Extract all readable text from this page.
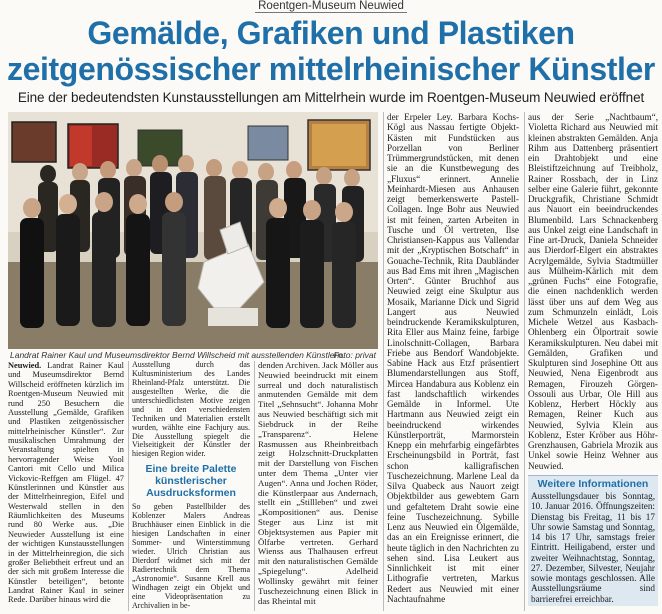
Roentgen-Museum Neuwied
Gemälde, Grafiken und Plastiken
zeitgenössischer mittelrheinischer Künstler
Eine der bedeutendsten Kunstausstellungen am Mittelrhein wurde im Roentgen-Museum Neuwied eröffnet
Landrat Rainer Kaul und Museumsdirektor Bernd Willscheid mit ausstellenden Künstlern.
Foto: privat

Neuwied. Landrat Rainer Kaul und Museumsdirektor Bernd Willscheid eröffneten kürzlich im Roentgen-Museum Neuwied mit rund 250 Besuchern die Ausstellung „Gemälde, Grafiken und Plastiken zeitgenössischer mittelrheinischer Künstler“. Zur musikalischen Umrahmung der Veranstaltung spielten in hervorragender Weise Yool Cantori mit Cello und Milica Vickovic-Reffgen am Flügel. 47 Künstlerinnen und Künstler aus der Mittelrheinregion, Eifel und Westerwald stellen in den Räumlichkeiten des Museums rund 80 Werke aus. „Die Neuwieder Ausstellung ist eine der wichtigen Kunstausstellungen in der Mittelrheinregion, die sich großer Beliebtheit erfreut und an der sich mit großem Interesse die Künstler beteiligen“, betonte Landrat Rainer Kaul in seiner Rede. Darüber hinaus wird die

Ausstellung durch das Kultusministerium des Landes Rheinland-Pfalz unterstützt. Die ausgestellten Werke, die die unterschiedlichsten Motive zeigen und in den verschiedensten Techniken und Materialien erstellt wurden, wählte eine Fachjury aus. Die Ausstellung spiegelt die Vielseitigkeit der Künstler der hiesigen Region wider.

Eine breite Palette künstlerischer Ausdrucksformen

So geben Pastellbilder des Koblenzer Malers Andreas Bruchhäuser einen Einblick in die hiesigen Landschaften in einer Sommer- und Winterstimmung wieder. Ulrich Christian aus Dierdorf widmet sich mit der Radiertechnik dem Thema „Astronomie“. Susanne Krell aus Windhagen zeigt ein Objekt und eine Videopräsentation zu Archivalien in be-

denden Archiven. Jack Möller aus Neuwied beeindruckt mit einem surreal und doch naturalistisch anmutenden Gemälde mit dem Titel „Sehnsucht“. Johanna Mohr aus Neuwied beschäftigt sich mit Siebdruck in der Reihe „Transparenz“. Helene Rasmussen aus Rheinbreitbach zeigt Holzschnitt-Druckplatten mit der Darstellung von Fischen unter dem Thema „Unter vier Augen“. Anna und Jochen Röder, die Künstlerpaar aus Andernach, stellt ein „Stillleben“ und zwei „Kompositionen“ aus. Denise Steger aus Linz ist mit Objektsystemen aus Papier mit Ölfarbe vertreten. Gerhard Wienss aus Thalhausen erfreut mit den naturalistischen Gemälde „Spiegelung“. Adelheid Wollinsky gewährt mit feiner Tuschezeichnung einen Blick in das Rheintal mit

der Erpeler Ley. Barbara Kochs-Kögl aus Nassau fertigte Objekt-Kästen mit Fundstücken aus Porzellan von Berliner Trümmergrundstücken, mit denen sie an die Kunstbewegung des „Fluxus“ erinnert. Annelie Meinhardt-Miesen aus Anhausen zeigt bemerkenswerte Pastell-Collagen. Inge Bohr aus Neuwied ist mit feinen, zarten Arbeiten in Tusche und Öl vertreten, Ilse Christiansen-Kappus aus Vallendar mit der „Kryptischen Botschaft“ in Gouache-Technik, Rita Daubländer aus Bad Ems mit ihren „Magischen Orten“. Günter Bruchhof aus Neuwied zeigt eine Skulptur aus Mosaik, Marianne Dick und Sigrid Langert aus Neuwied beindruckende Keramikskulpturen, Rita Eller aus Mainz feine, farbige Linolschnitt-Collagen, Barbara Friebe aus Bendorf Wandobjekte. Sabine Hack aus Etzf präsentiert Blumendarstellungen aus Stoff, Mircea Handabura aus Koblenz ein fast landschaftlich wirkendes Gemälde in Informel. Ute Hartmann aus Neuwied zeigt ein beeindruckend wirkendes Künstlerporträt, Marmorstein Knepp ein mehrfarbig eingefärbtes Erscheinungsbild in Porträt, fast schon kalligrafischen Tuschezeichnung. Marlene Leal da Silva Quabeck aus Nauort zeigt Objektbilder aus gewebtem Garn und gefaltetem Draht sowie eine feine Tuschezeichnung. Sybille Lenz aus Neuwied ein Ölgemälde, das an ein Ereignisse erinnert, die heute täglich in den Nachrichten zu sehen sind. Lisa Leukert aus Sinnlichkeit ist mit einer Lithografie vertreten, Markus Redert aus Neuwied mit einer Nachtaufnahme

aus der Serie „Nachtbaum“, Violetta Richard aus Neuwied mit kleinen abstrakten Gemälden. Anja Rihm aus Dattenberg präsentiert ein Drahtobjekt und eine Bleistiftzeichnung auf Treibholz, Rainer Rossbach, der in Linz selber eine Galerie führt, gekonnte Druckgrafik, Christiane Schmidt aus Nauort ein beeindruckendes Blumenbild. Lars Schnackenberg aus Unkel zeigt eine Landschaft in Fine art-Druck, Daniela Schneider aus Dierdorf-Elgert ein abstraktes Acrylgemälde, Sylvia Stadtmüller aus Mülheim-Kärlich mit dem „grünen Fuchs“ eine Fotografie, die einen nachdenklich werden lässt über uns auf dem Weg aus zum Schmunzeln einlädt, Lois Michele Wetzel aus Kasbach-Ohlenberg ein Ölportrait sowie Keramikskulpturen. Neu dabei mit Gemälden, Grafiken und Skulpturen sind Josephine Ott aus Neuwied, Nena Eigenbrodt aus Remagen, Firouzeh Görgen-Ossouli aus Urbar, Ole Hill aus Koblenz, Herbert Höckly aus Remagen, Reiner Kuch aus Neuwied, Sylvia Klein aus Koblenz, Ester Kröber aus Höhr-Grenzhausen, Gabriela Mrozik aus Unkel sowie Heinz Wehner aus Neuwied.

Weitere Informationen

Ausstellungsdauer bis Sonntag, 10. Januar 2016. Öffnungszeiten: Dienstag bis Freitag, 11 bis 17 Uhr sowie Samstag und Sonntag, 14 bis 17 Uhr, samstags freier Eintritt. Heiligabend, erster und zweiter Weihnachtstag, Sonntag, 27. Dezember, Silvester, Neujahr sowie montags geschlossen. Alle Ausstellungsräume sind barrierefrei erreichbar.
